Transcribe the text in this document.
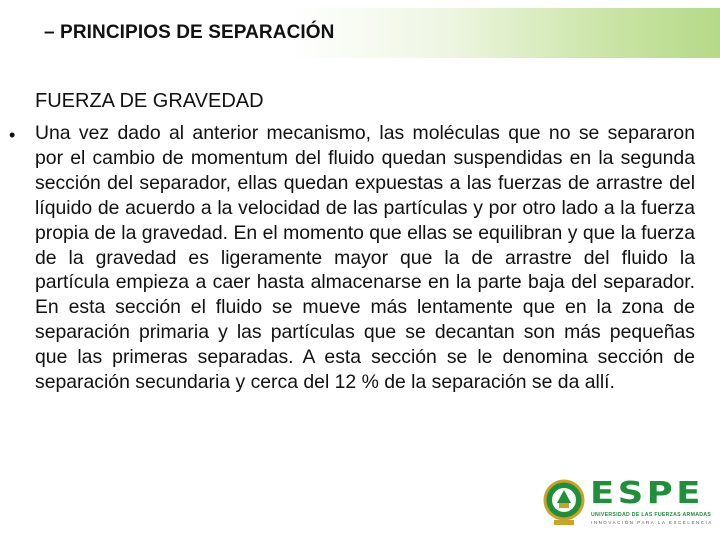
– PRINCIPIOS DE SEPARACIÓN
FUERZA DE GRAVEDAD
• Una vez dado al anterior mecanismo, las moléculas que no se separaron por el cambio de momentum del fluido quedan suspendidas en la segunda sección del separador, ellas quedan expuestas a las fuerzas de arrastre del líquido de acuerdo a la velocidad de las partículas y por otro lado a la fuerza propia de la gravedad. En el momento que ellas se equilibran y que la fuerza de la gravedad es ligeramente mayor que la de arrastre del fluido la partícula empieza a caer hasta almacenarse en la parte baja del separador. En esta sección el fluido se mueve más lentamente que en la zona de separación primaria y las partículas que se decantan son más pequeñas que las primeras separadas. A esta sección se le denomina sección de separación secundaria y cerca del 12 % de la separación se da allí.
ESPE
UNIVERSIDAD DE LAS FUERZAS ARMADAS
INNOVACIÓN PARA LA EXCELENCIA
